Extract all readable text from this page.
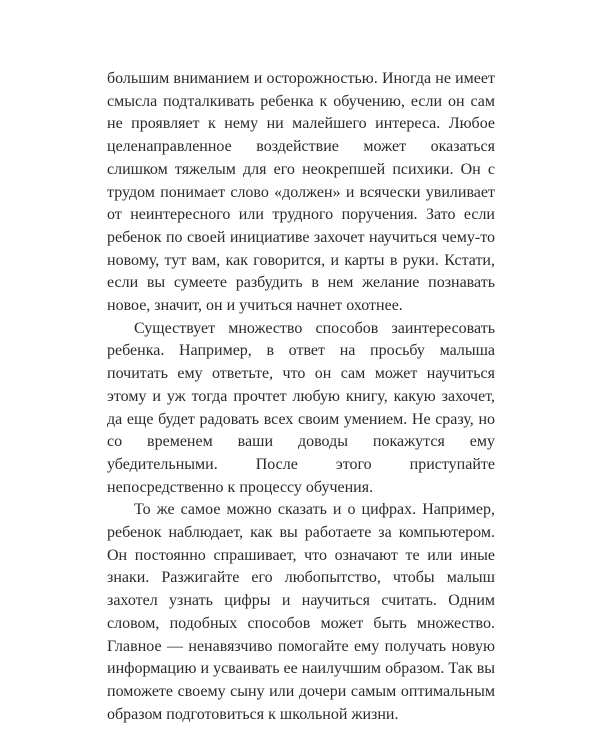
большим вниманием и осторожностью. Иногда не имеет смысла подталкивать ребенка к обучению, если он сам не проявляет к нему ни малейшего интереса. Любое целенаправленное воздействие может оказаться слишком тяжелым для его неокрепшей психики. Он с трудом понимает слово «должен» и всячески увиливает от неинтересного или трудного поручения. Зато если ребенок по своей инициативе захочет научиться чему-то новому, тут вам, как говорится, и карты в руки. Кстати, если вы сумеете разбудить в нем желание познавать новое, значит, он и учиться начнет охотнее.

Существует множество способов заинтересовать ребенка. Например, в ответ на просьбу малыша почитать ему ответьте, что он сам может научиться этому и уж тогда прочтет любую книгу, какую захочет, да еще будет радовать всех своим умением. Не сразу, но со временем ваши доводы покажутся ему убедительными. После этого приступайте непосредственно к процессу обучения.

То же самое можно сказать и о цифрах. Например, ребенок наблюдает, как вы работаете за компьютером. Он постоянно спрашивает, что означают те или иные знаки. Разжигайте его любопытство, чтобы малыш захотел узнать цифры и научиться считать. Одним словом, подобных способов может быть множество. Главное — ненавязчиво помогайте ему получать новую информацию и усваивать ее наилучшим образом. Так вы поможете своему сыну или дочери самым оптимальным образом подготовиться к школьной жизни.
